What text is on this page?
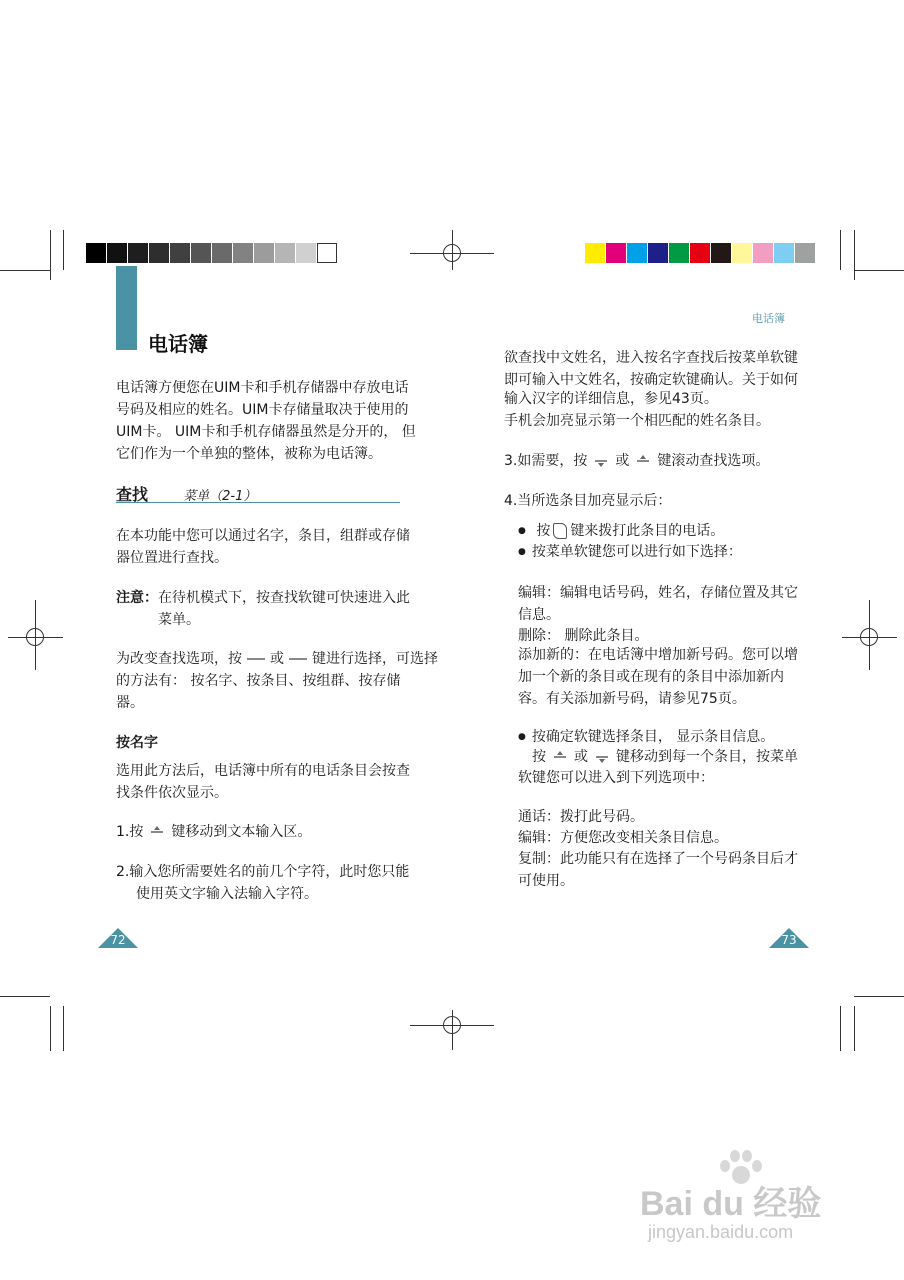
电话簿
电话簿方便您在UIM卡和手机存储器中存放电话
号码及相应的姓名。UIM卡存储量取决于使用的
UIM卡。 UIM卡和手机存储器虽然是分开的， 但
它们作为一个单独的整体，被称为电话簿。
查找	菜单（2-1）
在本功能中您可以通过名字，条目，组群或存储
器位置进行查找。
注意： 在待机模式下，按查找软键可快速进入此
菜单。
为改变查找选项，按 或 键进行选择，可选择
的方法有： 按名字、按条目、按组群、按存储
器。
按名字
选用此方法后，电话簿中所有的电话条目会按查
找条件依次显示。
1.按 键移动到文本输入区。
2.输入您所需要姓名的前几个字符，此时您只能
使用英文字输入法输入字符。
72
电话簿
欲查找中文姓名，进入按名字查找后按菜单软键
即可输入中文姓名，按确定软键确认。关于如何
输入汉字的详细信息，参见43页。
手机会加亮显示第一个相匹配的姓名条目。
3.如需要，按 或 键滚动查找选项。
4.当所选条目加亮显示后：
● 按 键来拨打此条目的电话。
● 按菜单软键您可以进行如下选择：
编辑：编辑电话号码，姓名，存储位置及其它
信息。
删除： 删除此条目。
添加新的：在电话簿中增加新号码。您可以增
加一个新的条目或在现有的条目中添加新内
容。有关添加新号码，请参见75页。
● 按确定软键选择条目， 显示条目信息。
按 或 键移动到每一个条目，按菜单
软键您可以进入到下列选项中：
通话：拨打此号码。
编辑：方便您改变相关条目信息。
复制：此功能只有在选择了一个号码条目后才
可使用。
73
Bai du 经验
jingyan.baidu.com
